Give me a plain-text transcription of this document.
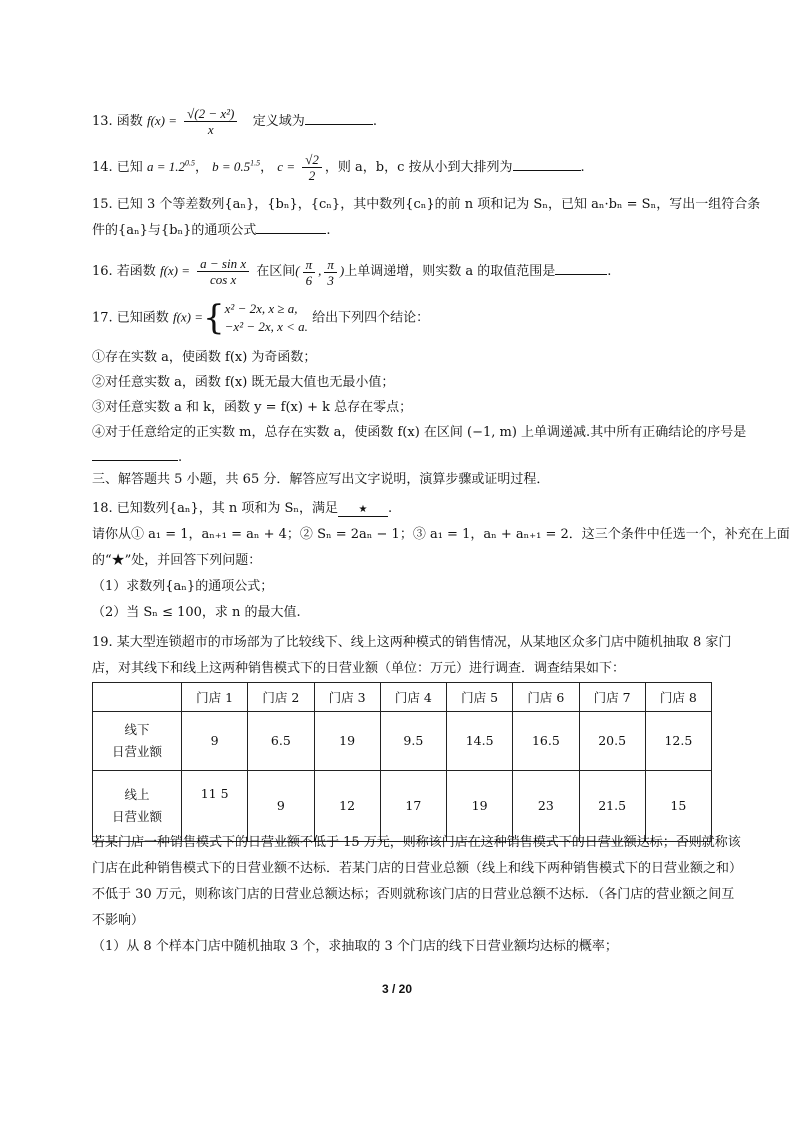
13. 函数 $f(x) = \frac{\text{√(2 − x²)}}{x}$ 定义域为	.
14. 已知 $a = 1.2^{0.5}$， $b = 0.5^{1.5}$， $c = \frac{√2}{2}$ ，则 a，b，c 按从小到大排列为	.
15. 已知 3 个等差数列{aₙ}，{bₙ}，{cₙ}，其中数列{cₙ}的前 n 项和记为 Sₙ，已知 aₙ·bₙ = Sₙ，写出一组符合条
件的{aₙ}与{bₙ}的通项公式	.
16. 若函数 $f(x) = \frac{\text{a − sin x}}{\text{cos x}}$ 在区间( $\frac{\pi}{6}$ , $\frac{\pi}{3}$ )上单调递增，则实数 a 的取值范围是	.
17. 已知函数 f(x) ={x² − 2x, x ≥ a,
−x² − 2x, x < a. 给出下列四个结论：
①存在实数 a，使函数 f(x) 为奇函数；
②对任意实数 a，函数 f(x) 既无最大值也无最小值；
③对任意实数 a 和 k，函数 y = f(x) + k 总存在零点；
④对于任意给定的正实数 m，总存在实数 a，使函数 f(x) 在区间 (−1, m) 上单调递减.其中所有正确结论的序号是
.
三、解答题共 5 小题，共 65 分．解答应写出文字说明，演算步骤或证明过程．
18. 已知数列{aₙ}，其 n 项和为 Sₙ，满足 ★ .
请你从① a₁ = 1，aₙ₊₁ = aₙ + 4；② Sₙ = 2aₙ − 1；③ a₁ = 1，aₙ + aₙ₊₁ = 2．这三个条件中任选一个，补充在上面
的“★”处，并回答下列问题：
（1）求数列{aₙ}的通项公式；
（2）当 Sₙ ≤ 100，求 n 的最大值.
19. 某大型连锁超市的市场部为了比较线下、线上这两种模式的销售情况，从某地区众多门店中随机抽取 8 家门
店，对其线下和线上这两种销售模式下的日营业额（单位：万元）进行调查．调查结果如下：
	门店 1	门店 2	门店 3	门店 4	门店 5	门店 6	门店 7	门店 8
线下
日营业额	9	6.5	19	9.5	14.5	16.5	20.5	12.5
线上
日营业额	11 5	9	12	17	19	23	21.5	15
若某门店一种销售模式下的日营业额不低于 15 万元，则称该门店在这种销售模式下的日营业额达标；否则就称该
门店在此种销售模式下的日营业额不达标．若某门店的日营业总额（线上和线下两种销售模式下的日营业额之和）
不低于 30 万元，则称该门店的日营业总额达标；否则就称该门店的日营业总额不达标．（各门店的营业额之间互
不影响）
（1）从 8 个样本门店中随机抽取 3 个，求抽取的 3 个门店的线下日营业额均达标的概率；
3 / 20
